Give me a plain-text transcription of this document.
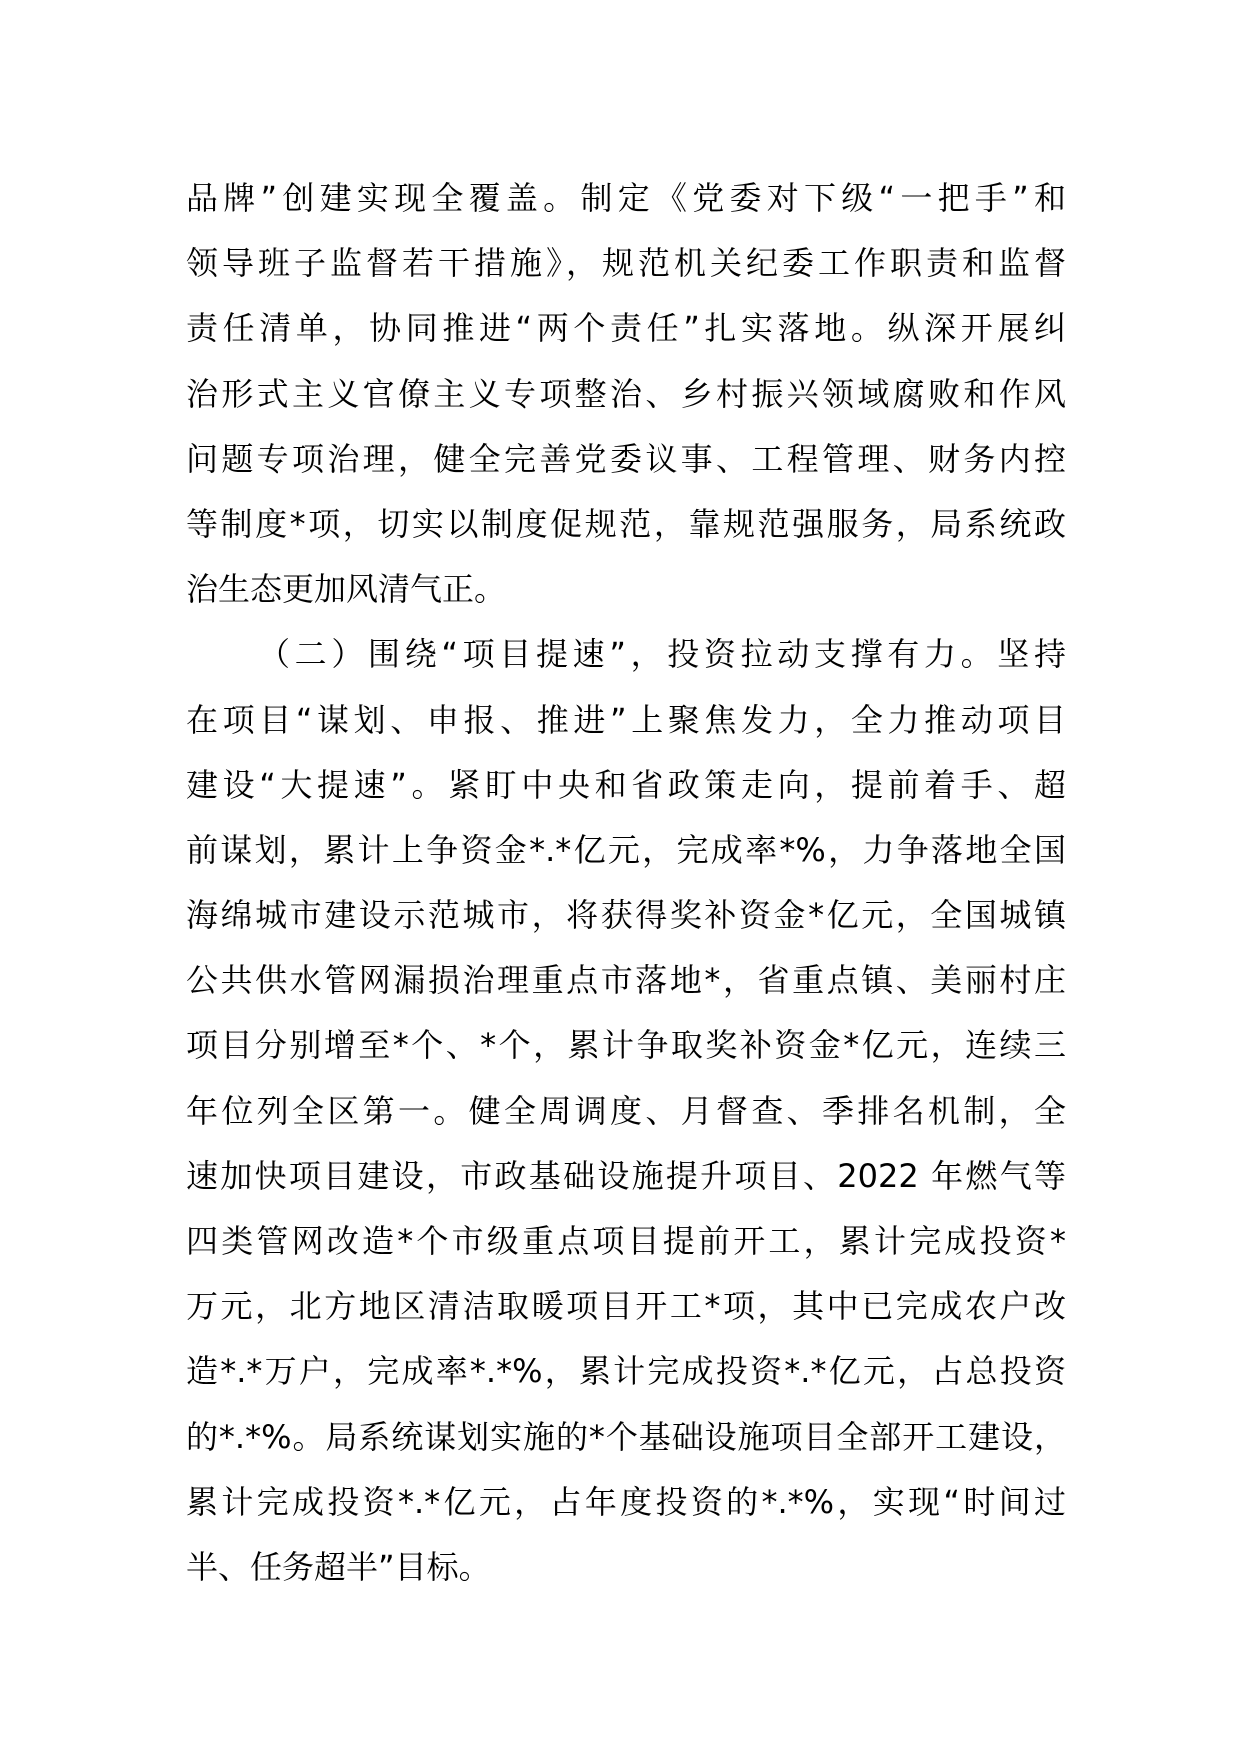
品牌”创建实现全覆盖。制定《党委对下级“一把手”和
领导班子监督若干措施》，规范机关纪委工作职责和监督
责任清单，协同推进“两个责任”扎实落地。纵深开展纠
治形式主义官僚主义专项整治、乡村振兴领域腐败和作风
问题专项治理，健全完善党委议事、工程管理、财务内控
等制度*项，切实以制度促规范，靠规范强服务，局系统政
治生态更加风清气正。
（二）围绕“项目提速”，投资拉动支撑有力。坚持
在项目“谋划、申报、推进”上聚焦发力，全力推动项目
建设“大提速”。紧盯中央和省政策走向，提前着手、超
前谋划，累计上争资金*.*亿元，完成率*%，力争落地全国
海绵城市建设示范城市，将获得奖补资金*亿元，全国城镇
公共供水管网漏损治理重点市落地*，省重点镇、美丽村庄
项目分别增至*个、*个，累计争取奖补资金*亿元，连续三
年位列全区第一。健全周调度、月督查、季排名机制，全
速加快项目建设，市政基础设施提升项目、2022 年燃气等
四类管网改造*个市级重点项目提前开工，累计完成投资*
万元，北方地区清洁取暖项目开工*项，其中已完成农户改
造*.*万户，完成率*.*%，累计完成投资*.*亿元，占总投资
的*.*%。局系统谋划实施的*个基础设施项目全部开工建设，
累计完成投资*.*亿元，占年度投资的*.*%，实现“时间过
半、任务超半”目标。
